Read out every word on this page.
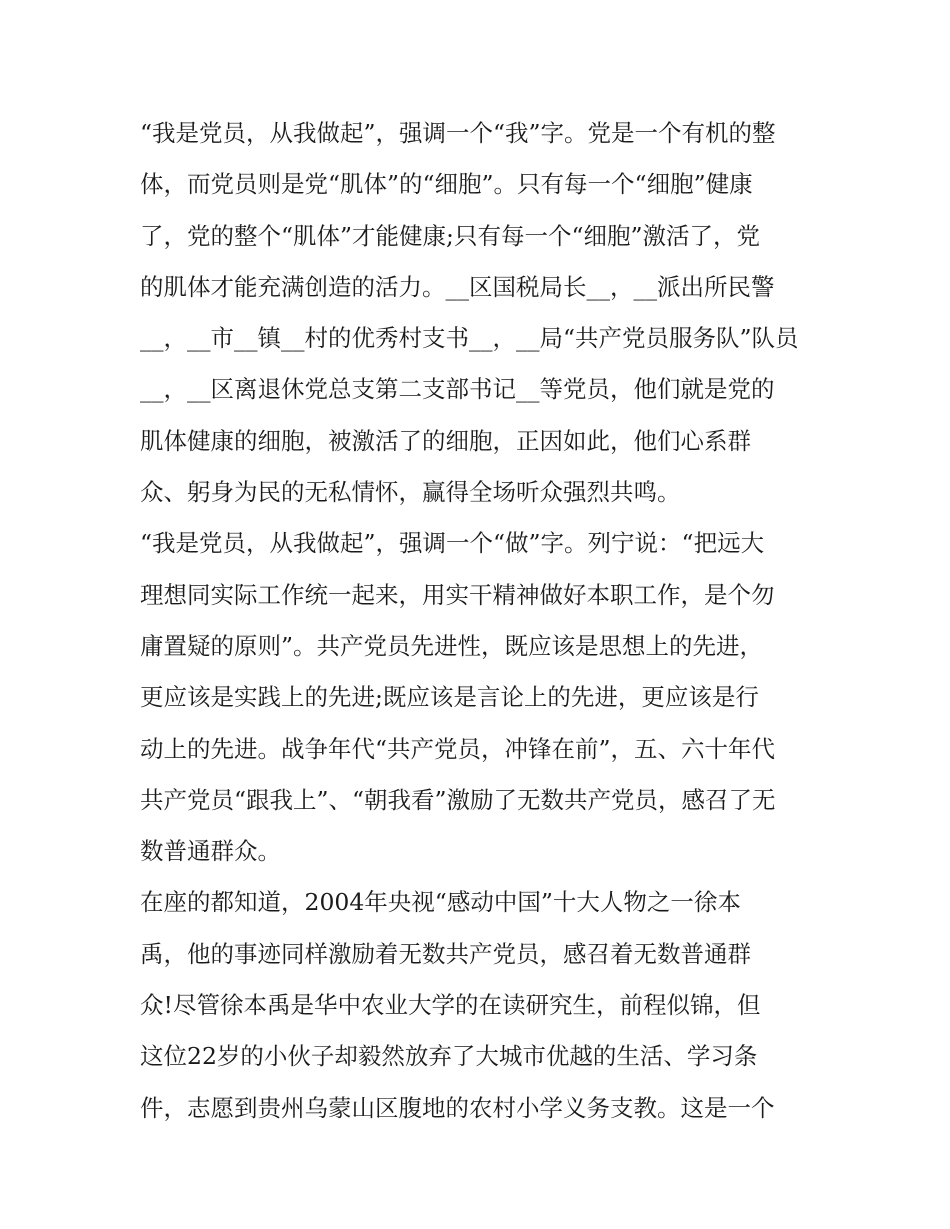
“我是党员，从我做起”，强调一个“我”字。党是一个有机的整
体，而党员则是党“肌体”的“细胞”。只有每一个“细胞”健康
了，党的整个“肌体”才能健康;只有每一个“细胞”激活了，党
的肌体才能充满创造的活力。__区国税局长__，__派出所民警
__，__市__镇__村的优秀村支书__，__局“共产党员服务队”队员
__，__区离退休党总支第二支部书记__等党员，他们就是党的
肌体健康的细胞，被激活了的细胞，正因如此，他们心系群
众、躬身为民的无私情怀，赢得全场听众强烈共鸣。
“我是党员，从我做起”，强调一个“做”字。列宁说：“把远大
理想同实际工作统一起来，用实干精神做好本职工作，是个勿
庸置疑的原则”。共产党员先进性，既应该是思想上的先进，
更应该是实践上的先进;既应该是言论上的先进，更应该是行
动上的先进。战争年代“共产党员，冲锋在前”，五、六十年代
共产党员“跟我上”、“朝我看”激励了无数共产党员，感召了无
数普通群众。
在座的都知道，2004年央视“感动中国”十大人物之一徐本
禹，他的事迹同样激励着无数共产党员，感召着无数普通群
众!尽管徐本禹是华中农业大学的在读研究生，前程似锦，但
这位22岁的小伙子却毅然放弃了大城市优越的生活、学习条
件，志愿到贵州乌蒙山区腹地的农村小学义务支教。这是一个
